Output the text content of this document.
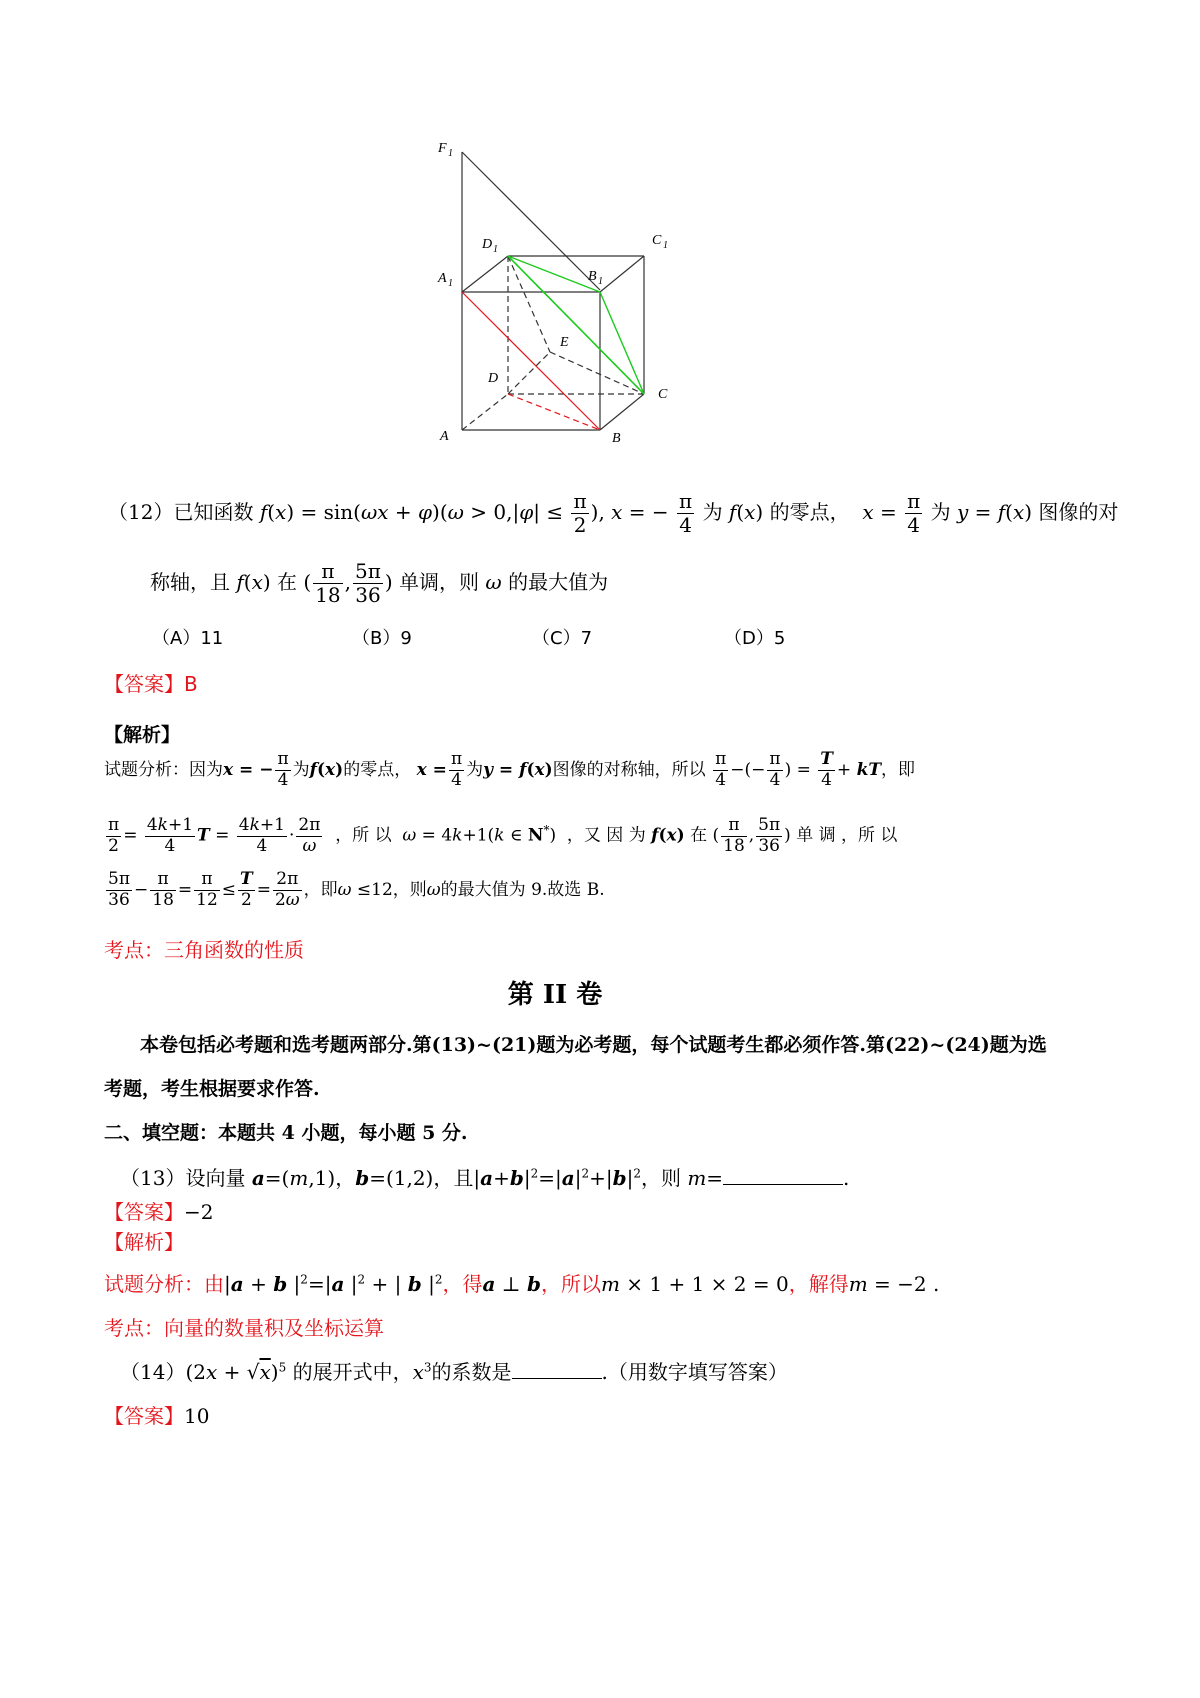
F 1
A 1
D 1
C 1
B 1
E
D
C
A	B
（12）已知函数 $f(x) = \sin(\omega x + \varphi)(\omega > 0,|\varphi| \le \frac{\pi}{2}$ ), x = − $\frac{\pi}{4}$ 为 f(x) 的零点， $x = \frac{\pi}{4}$ 为 y = f(x) 图像的对
称轴，且 f(x) 在 ( $\frac{\pi}{18}$ , $\frac{5\pi}{36}$ ) 单调，则 ω 的最大值为
（A）11	（B）9	（C）7	（D）5
【答案】B
【解析】
试题分析：因为x = − $\frac{\pi}{4}$ 为f(x)的零点， $x = \frac{\pi}{4}$ 为y = f(x)图像的对称轴，所以 $\frac{\pi}{4}$ −(− $\frac{\pi}{4}$ ) = $\frac{T}{4}$ + kT，即
$\frac{\pi}{2} = \frac{4k+1}{4}$ $T = \frac{4k+1}{4} \cdot \frac{2\pi}{\omega}$ ，所 以 ω = 4k+1(k ∈ N*)  ，又 因 为 f(x) 在 ( $\frac{\pi}{18}$ , $\frac{5\pi}{36}$ ) 单 调 ，所 以
$\frac{5\pi}{36} - \frac{\pi}{18} = \frac{\pi}{12} \le \frac{T}{2} = \frac{2\pi}{2\omega}$ ，即ω ≤12，则ω的最大值为 9.故选 B.
考点：三角函数的性质
第 II 卷
本卷包括必考题和选考题两部分.第(13)~(21)题为必考题，每个试题考生都必须作答.第(22)~(24)题为选
考题，考生根据要求作答.
二、填空题：本题共 4 小题，每小题 5 分.
（13）设向量 a=(m,1)，b=(1,2)，且$|a+b|^2=|a|^2+|b|^2$，则 m=	.
【答案】−2
【解析】
试题分析：由|a + b $|^2=|a$ $|^2$ + | b $|^2$，得a ⊥ b，所以m × 1 + 1 × 2 = 0，解得m = −2 .
考点：向量的数量积及坐标运算
$(14)(2x + √x)^5$ 的展开式中，$x^3$的系数是	.（用数字填写答案）
【答案】10
